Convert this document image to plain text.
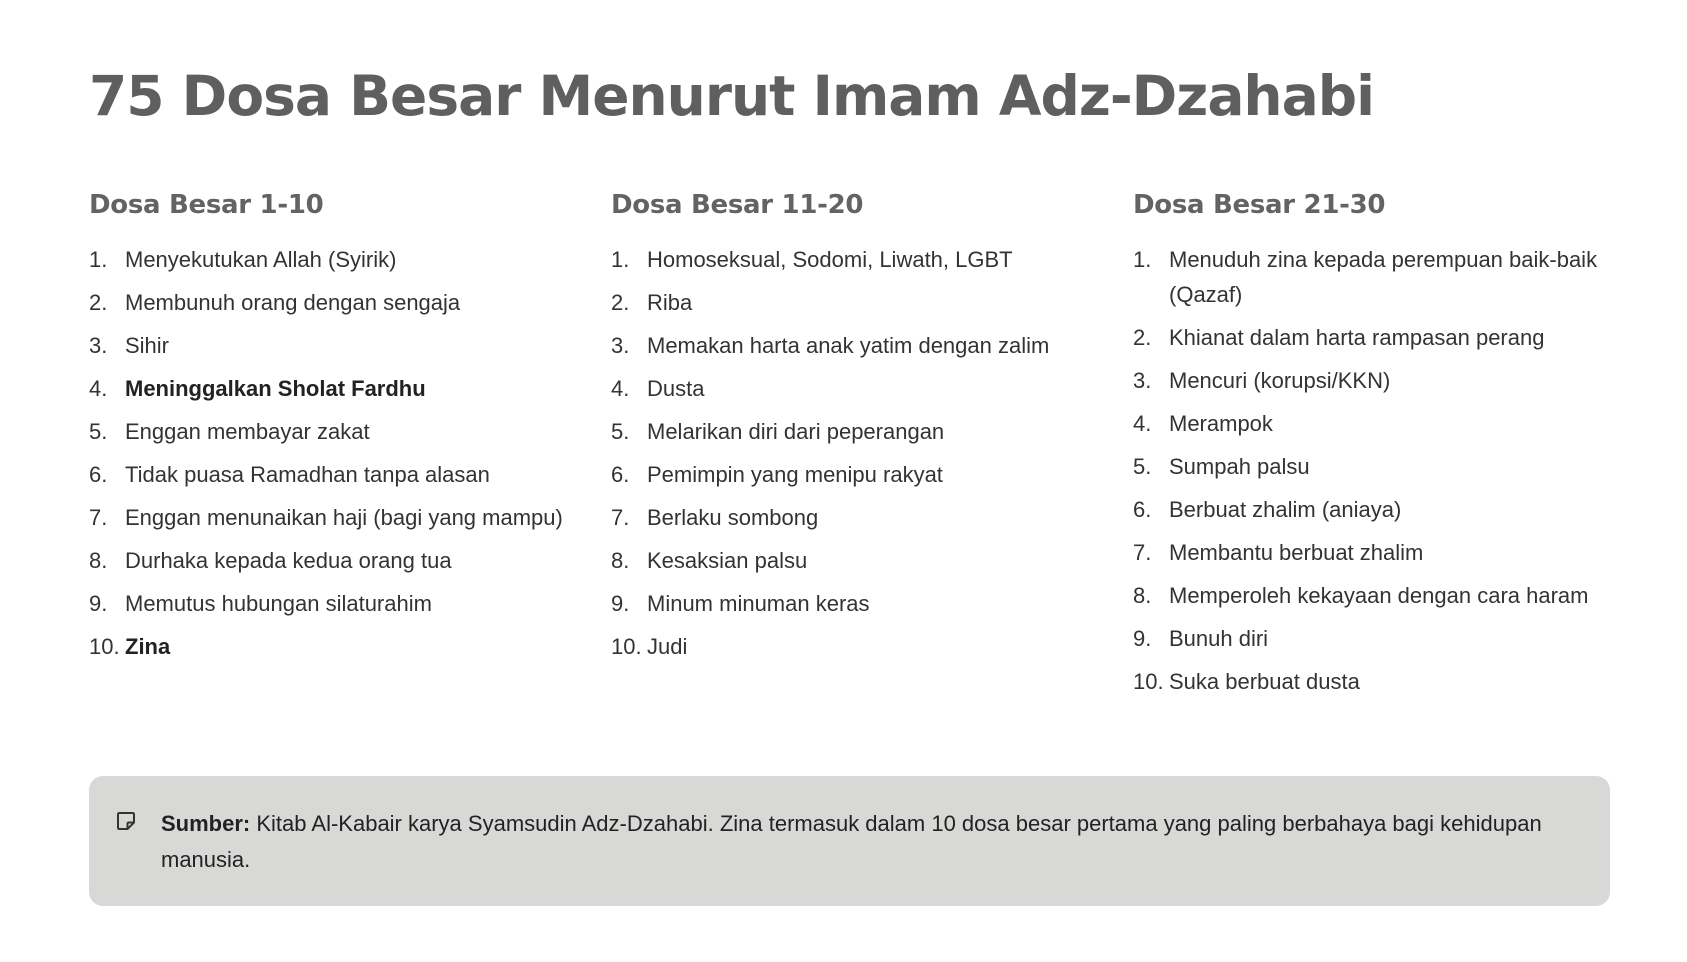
75 Dosa Besar Menurut Imam Adz-Dzahabi
Dosa Besar 1-10
1. Menyekutukan Allah (Syirik)
2. Membunuh orang dengan sengaja
3. Sihir
4. Meninggalkan Sholat Fardhu
5. Enggan membayar zakat
6. Tidak puasa Ramadhan tanpa alasan
7. Enggan menunaikan haji (bagi yang mampu)
8. Durhaka kepada kedua orang tua
9. Memutus hubungan silaturahim
10. Zina
Dosa Besar 11-20
1. Homoseksual, Sodomi, Liwath, LGBT
2. Riba
3. Memakan harta anak yatim dengan zalim
4. Dusta
5. Melarikan diri dari peperangan
6. Pemimpin yang menipu rakyat
7. Berlaku sombong
8. Kesaksian palsu
9. Minum minuman keras
10. Judi
Dosa Besar 21-30
1. Menuduh zina kepada perempuan baik-baik (Qazaf)
2. Khianat dalam harta rampasan perang
3. Mencuri (korupsi/KKN)
4. Merampok
5. Sumpah palsu
6. Berbuat zhalim (aniaya)
7. Membantu berbuat zhalim
8. Memperoleh kekayaan dengan cara haram
9. Bunuh diri
10. Suka berbuat dusta

Sumber: Kitab Al-Kabair karya Syamsudin Adz-Dzahabi. Zina termasuk dalam 10 dosa besar pertama yang paling berbahaya bagi kehidupan manusia.
